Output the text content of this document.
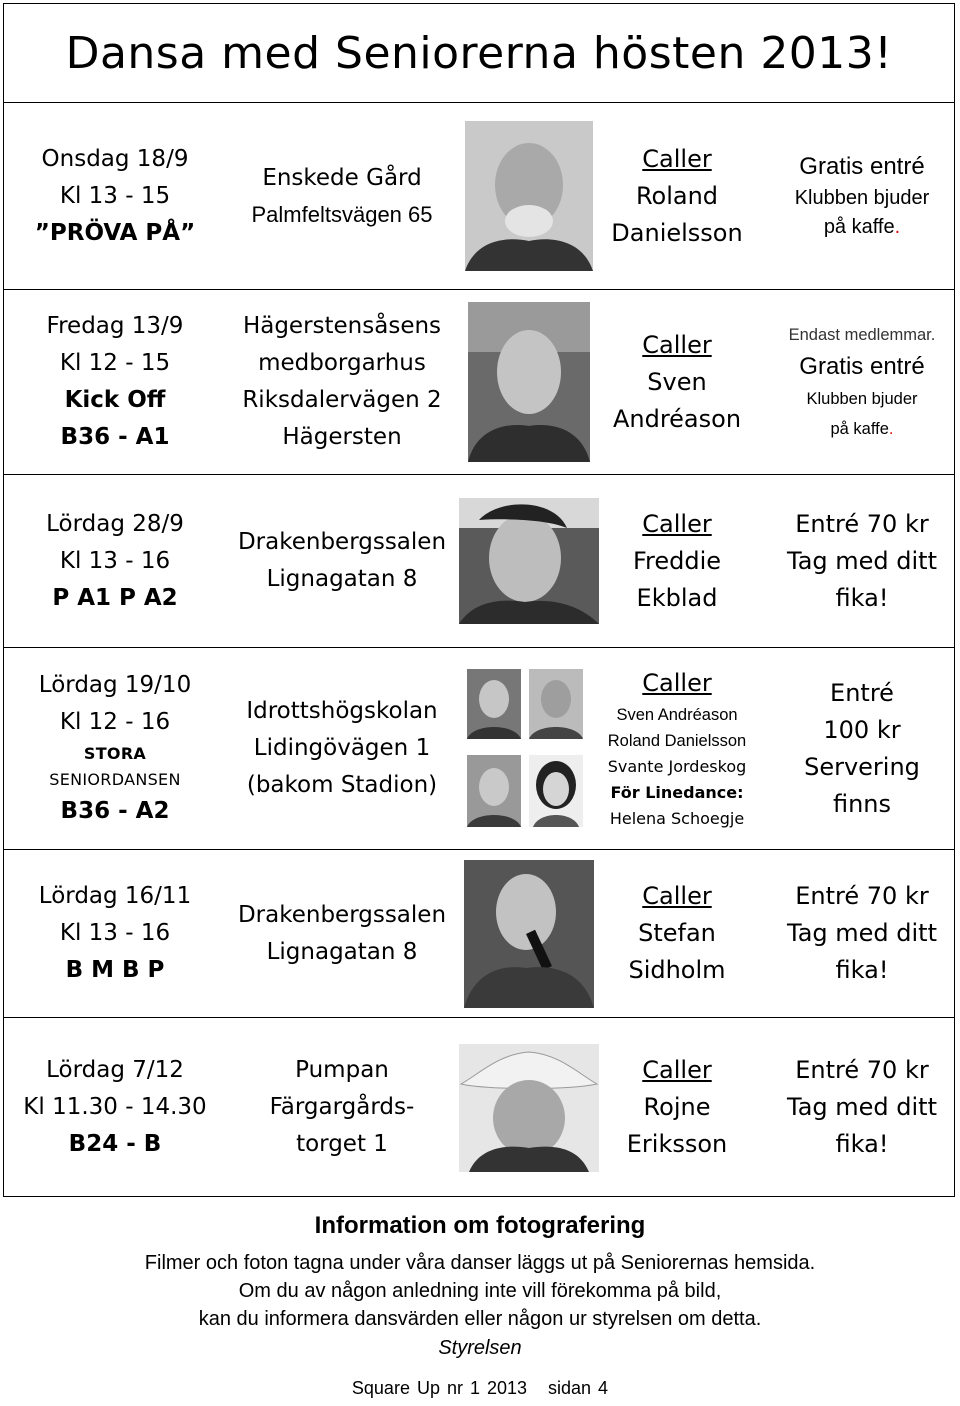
Dansa med Seniorerna hösten 2013!
Onsdag 18/9
Kl 13 - 15
”PRÖVA PÅ”
Enskede Gård
Palmfeltsvägen 65
Caller
Roland
Danielsson
Gratis entré
Klubben bjuder
på kaffe.
Fredag 13/9
Kl 12 - 15
Kick Off
B36 - A1
Hägerstensåsens
medborgarhus
Riksdalervägen 2
Hägersten
Caller
Sven
Andréason
Endast medlemmar.
Gratis entré
Klubben bjuder
på kaffe.
Lördag 28/9
Kl 13 - 16
P A1 P A2
Drakenbergssalen
Lignagatan 8
Caller
Freddie
Ekblad
Entré 70 kr
Tag med ditt
fika!
Lördag 19/10
Kl 12 - 16
STORA
SENIORDANSEN
B36 - A2
Idrottshögskolan
Lidingövägen 1
(bakom Stadion)
Caller
Sven Andréason
Roland Danielsson
Svante Jordeskog
För Linedance:
Helena Schoegje
Entré
100 kr
Servering
finns
Lördag 16/11
Kl 13 - 16
B M B P
Drakenbergssalen
Lignagatan 8
Caller
Stefan
Sidholm
Entré 70 kr
Tag med ditt
fika!
Lördag 7/12
Kl 11.30 - 14.30
B24 - B
Pumpan
Färgargårds-
torget 1
Caller
Rojne
Eriksson
Entré 70 kr
Tag med ditt
fika!
Information om fotografering
Filmer och foton tagna under våra danser läggs ut på Seniorernas hemsida.
Om du av någon anledning inte vill förekomma på bild,
kan du informera dansvärden eller någon ur styrelsen om detta.
Styrelsen
Square Up nr 1 2013   sidan 4
